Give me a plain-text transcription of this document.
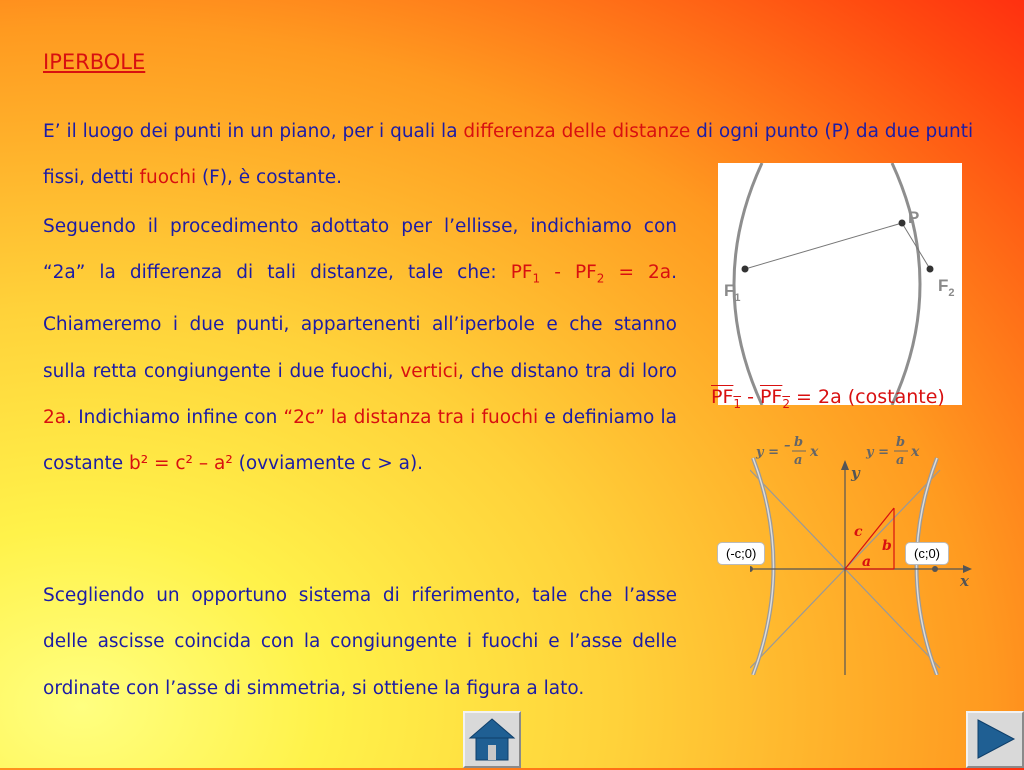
IPERBOLE

E’ il luogo dei punti in un piano, per i quali la differenza delle distanze di ogni punto (P) da due punti fissi, detti fuochi (F), è costante.

Seguendo il procedimento adottato per l’ellisse, indichiamo con “2a” la differenza di tali distanze, tale che: $PF_1 - PF_2 = 2a$. Chiameremo i due punti, appartenenti all’iperbole e che stanno sulla retta congiungente i due fuochi, vertici, che distano tra di loro 2a. Indichiamo infine con “2c” la distanza tra i fuochi e definiamo la costante b² = c² – a² (ovviamente c > a).

Scegliendo un opportuno sistema di riferimento, tale che l’asse delle ascisse coincida con la congiungente i fuochi e l’asse delle ordinate con l’asse di simmetria, si ottiene la figura a lato.

P
$F_1$
$F_2$
$PF_1 - PF_2 = 2a$ (costante)
x
y
c
b
a
y = – b
a
x	y =
b
a
x
(-c;0)	(c;0)
